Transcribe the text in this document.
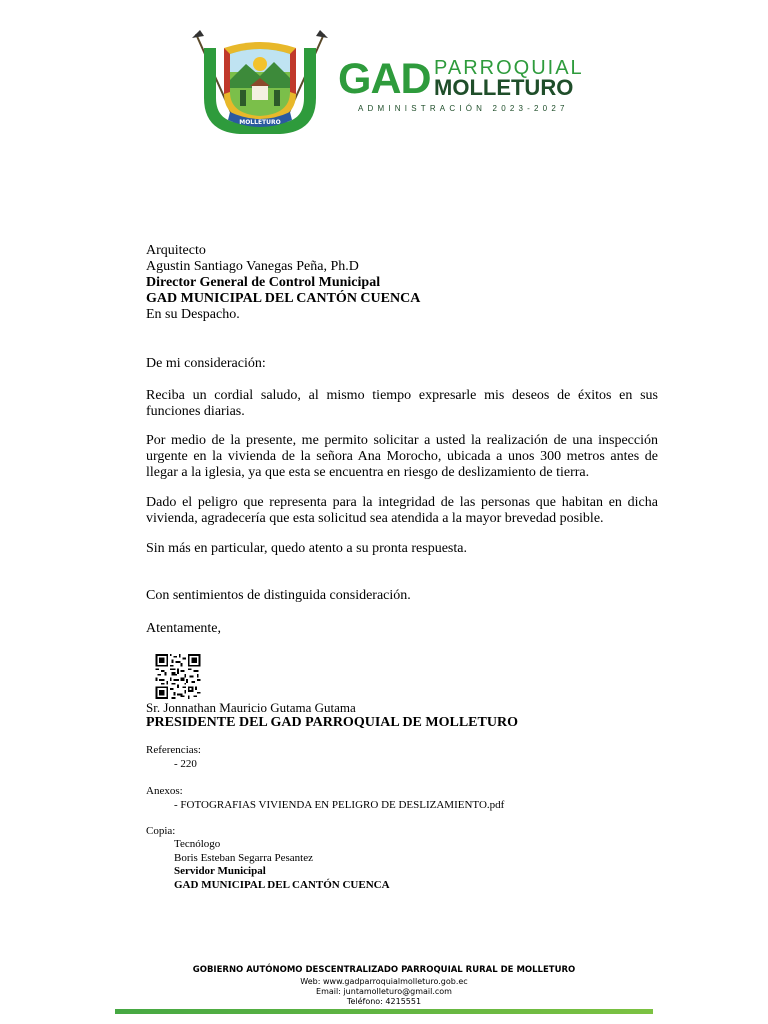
MOLLETURO
GAD PARROQUIAL
MOLLETURO
ADMINISTRACIÓN 2023-2027
Arquitecto
Agustin Santiago Vanegas Peña, Ph.D
Director General de Control Municipal
GAD MUNICIPAL DEL CANTÓN CUENCA
En su Despacho.
De mi consideración:
Reciba un cordial saludo, al mismo tiempo expresarle mis deseos de éxitos en sus funciones diarias.
Por medio de la presente, me permito solicitar a usted la realización de una inspección urgente en la vivienda de la señora Ana Morocho, ubicada a unos 300 metros antes de llegar a la iglesia, ya que esta se encuentra en riesgo de deslizamiento de tierra.
Dado el peligro que representa para la integridad de las personas que habitan en dicha vivienda, agradecería que esta solicitud sea atendida a la mayor brevedad posible.
Sin más en particular, quedo atento a su pronta respuesta.
Con sentimientos de distinguida consideración.
Atentamente,
Sr. Jonnathan Mauricio Gutama Gutama
PRESIDENTE DEL GAD PARROQUIAL DE MOLLETURO
Referencias:
- 220
Anexos:
- FOTOGRAFIAS VIVIENDA EN PELIGRO DE DESLIZAMIENTO.pdf
Copia:
Tecnólogo
Boris Esteban Segarra Pesantez
Servidor Municipal
GAD MUNICIPAL DEL CANTÓN CUENCA
GOBIERNO AUTÓNOMO DESCENTRALIZADO PARROQUIAL RURAL DE MOLLETURO
Web: www.gadparroquialmolleturo.gob.ec
Email: juntamolleturo@gmail.com
Teléfono: 4215551
